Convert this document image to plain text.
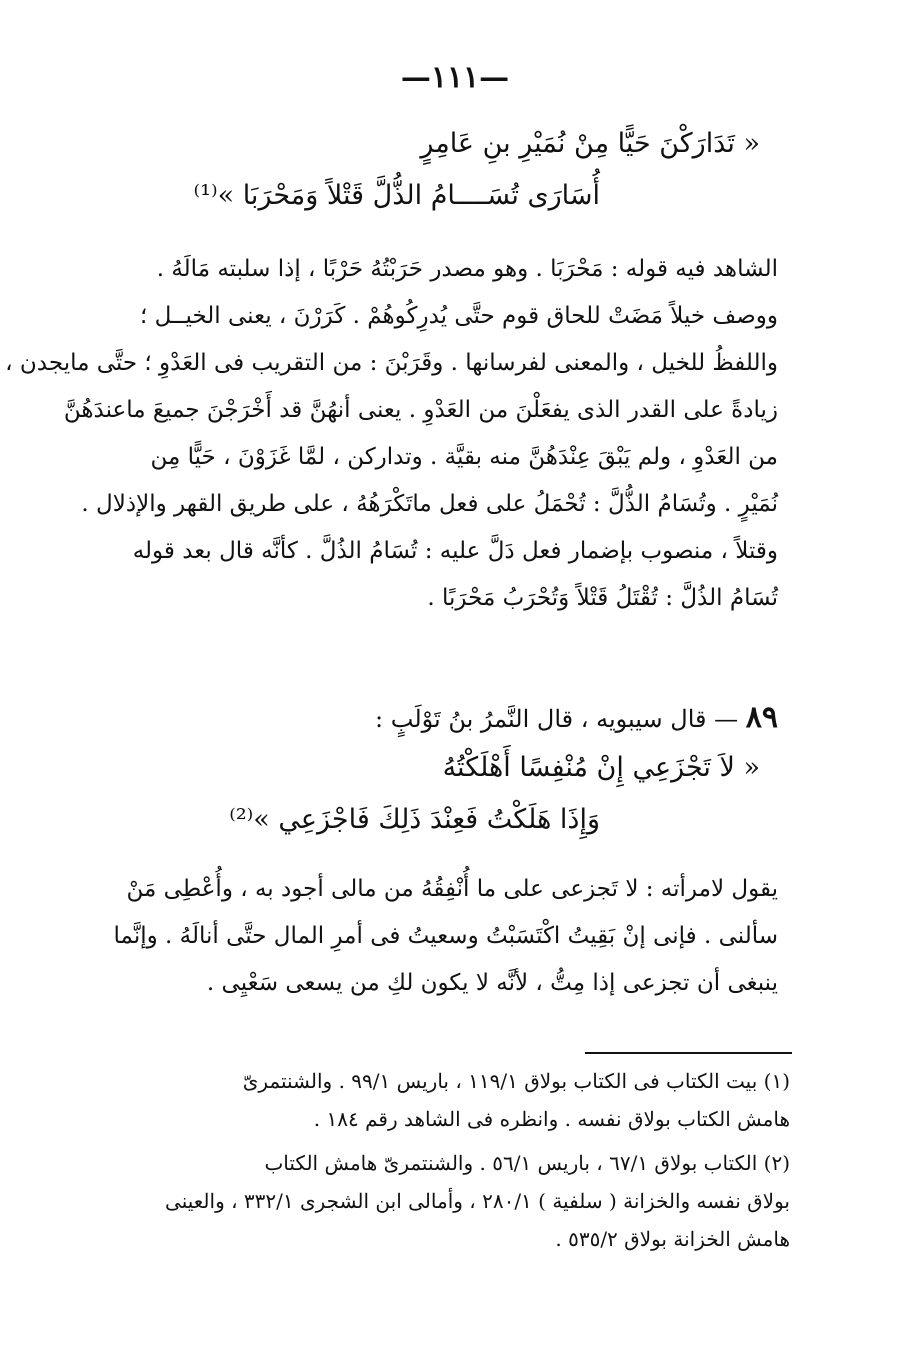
—١١١—
« تَدَارَكْنَ حَيًّا مِنْ نُمَيْرِ بنِ عَامِرٍ
أُسَارَى تُسَــــامُ الذُّلَّ قَتْلاً وَمَحْرَبَا »⁽¹⁾
الشاهد فيه قوله : مَحْرَبَا . وهو مصدر حَرَبْتُهُ حَرْبًا ، إذا سلبته مَالَهُ .
ووصف خيلاً مَضَتْ للحاق قوم حتَّى يُدرِكُوهُمْ . كَرَرْنَ ، يعنى الخيــل ؛
واللفظُ للخيل ، والمعنى لفرسانها . وقَرَبْنَ : من التقريب فى العَدْوِ ؛ حتَّى مايجدن ،
زيادةً على القدر الذى يفعَلْنَ من العَدْوِ . يعنى أنهُنَّ قد أَخْرَجْنَ جميعَ ماعندَهُنَّ
من العَدْوِ ، ولم يَبْقَ عِنْدَهُنَّ منه بقيَّة . وتداركن ، لمَّا غَزَوْنَ ، حَيًّا مِن
نُمَيْرٍ . وتُسَامُ الذُّلَّ : تُحْمَلُ على فعل ماتَكْرَهُهُ ، على طريق القهر والإذلال .
وقتلاً ، منصوب بإضمار فعل دَلَّ عليه : تُسَامُ الذُلَّ . كأنَّه قال بعد قوله
تُسَامُ الذُلَّ : تُقْتَلُ قَتْلاً وَتُحْرَبُ مَحْرَبًا .
٨٩ — قال سيبويه ، قال النَّمرُ بنُ تَوْلَبٍ :
« لاَ تَجْزَعِي إِنْ مُنْفِسًا أَهْلَكْتُهُ
وَإِذَا هَلَكْتُ فَعِنْدَ ذَلِكَ فَاجْزَعِي »⁽²⁾
يقول لامرأته : لا تَجزعى على ما أُنْفِقُهُ من مالى أجود به ، وأُعْطِى مَنْ
سألنى . فإنى إنْ بَقِيتُ اكْتَسَبْتُ وسعيتُ فى أمرِ المال حتَّى أنالَهُ . وإنَّما
ينبغى أن تجزعى إذا مِتُّ ، لأنَّه لا يكون لكِ من يسعى سَعْيِى .
(١) بيت الكتاب فى الكتاب بولاق ١١٩/١ ، باريس ٩٩/١ . والشنتمرىّ
هامش الكتاب بولاق نفسه . وانظره فى الشاهد رقم ١٨٤ .
(٢) الكتاب بولاق ٦٧/١ ، باريس ٥٦/١ . والشنتمرىّ هامش الكتاب
بولاق نفسه والخزانة ( سلفية ) ٢٨٠/١ ، وأمالى ابن الشجرى ٣٣٢/١ ، والعينى
هامش الخزانة بولاق ٥٣٥/٢ .
